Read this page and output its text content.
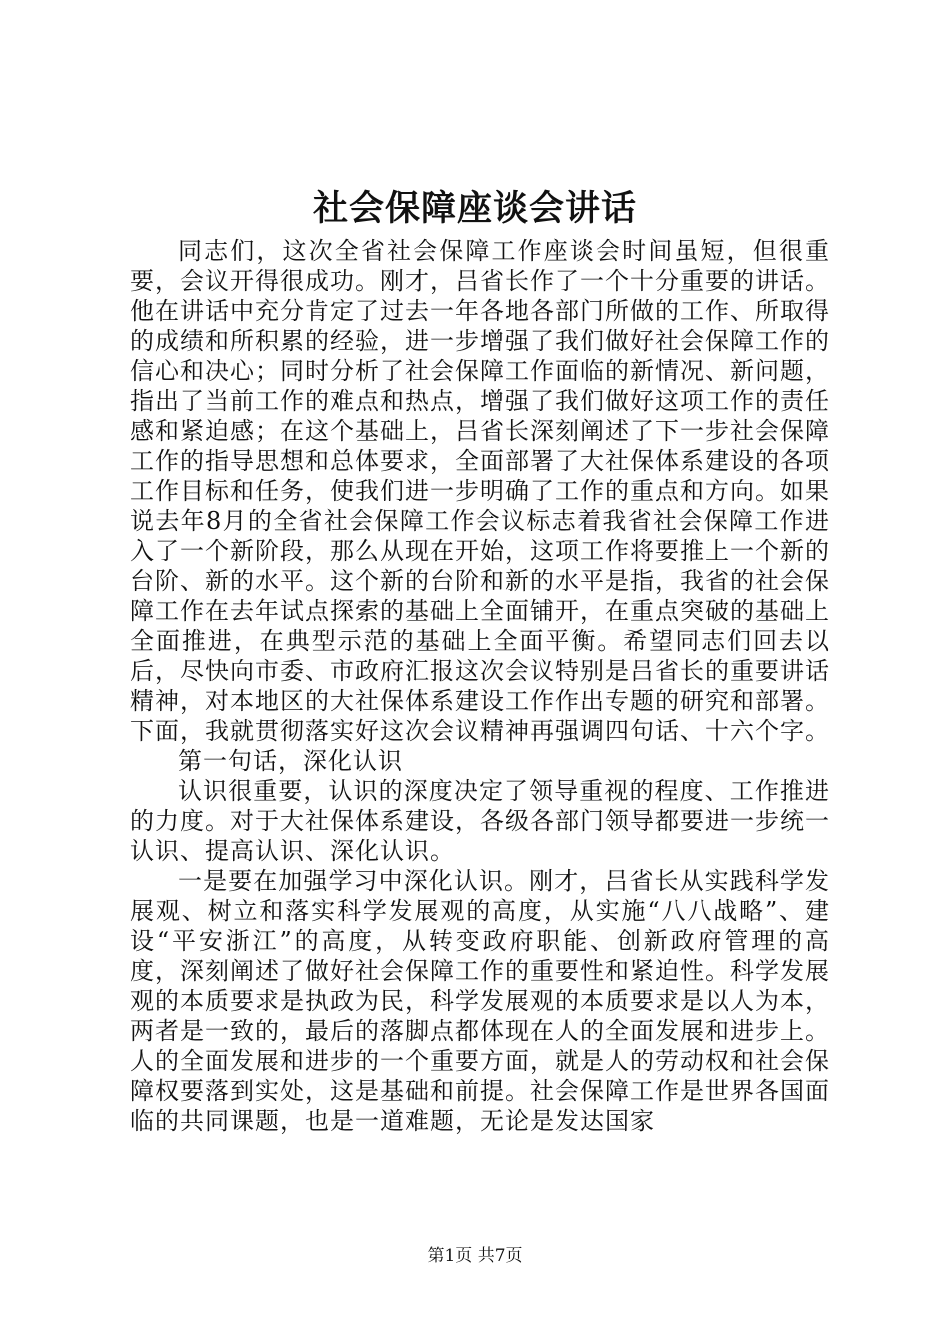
社会保障座谈会讲话

同志们，这次全省社会保障工作座谈会时间虽短，但很重要，会议开得很成功。刚才，吕省长作了一个十分重要的讲话。他在讲话中充分肯定了过去一年各地各部门所做的工作、所取得的成绩和所积累的经验，进一步增强了我们做好社会保障工作的信心和决心；同时分析了社会保障工作面临的新情况、新问题，指出了当前工作的难点和热点，增强了我们做好这项工作的责任感和紧迫感；在这个基础上，吕省长深刻阐述了下一步社会保障工作的指导思想和总体要求，全面部署了大社保体系建设的各项工作目标和任务，使我们进一步明确了工作的重点和方向。如果说去年8月的全省社会保障工作会议标志着我省社会保障工作进入了一个新阶段，那么从现在开始，这项工作将要推上一个新的台阶、新的水平。这个新的台阶和新的水平是指，我省的社会保障工作在去年试点探索的基础上全面铺开，在重点突破的基础上全面推进，在典型示范的基础上全面平衡。希望同志们回去以后，尽快向市委、市政府汇报这次会议特别是吕省长的重要讲话精神，对本地区的大社保体系建设工作作出专题的研究和部署。下面，我就贯彻落实好这次会议精神再强调四句话、十六个字。

第一句话，深化认识

认识很重要，认识的深度决定了领导重视的程度、工作推进的力度。对于大社保体系建设，各级各部门领导都要进一步统一认识、提高认识、深化认识。

一是要在加强学习中深化认识。刚才，吕省长从实践科学发展观、树立和落实科学发展观的高度，从实施“八八战略”、建设“平安浙江”的高度，从转变政府职能、创新政府管理的高度，深刻阐述了做好社会保障工作的重要性和紧迫性。科学发展观的本质要求是执政为民，科学发展观的本质要求是以人为本，两者是一致的，最后的落脚点都体现在人的全面发展和进步上。人的全面发展和进步的一个重要方面，就是人的劳动权和社会保障权要落到实处，这是基础和前提。社会保障工作是世界各国面临的共同课题，也是一道难题，无论是发达国家

第1页 共7页
